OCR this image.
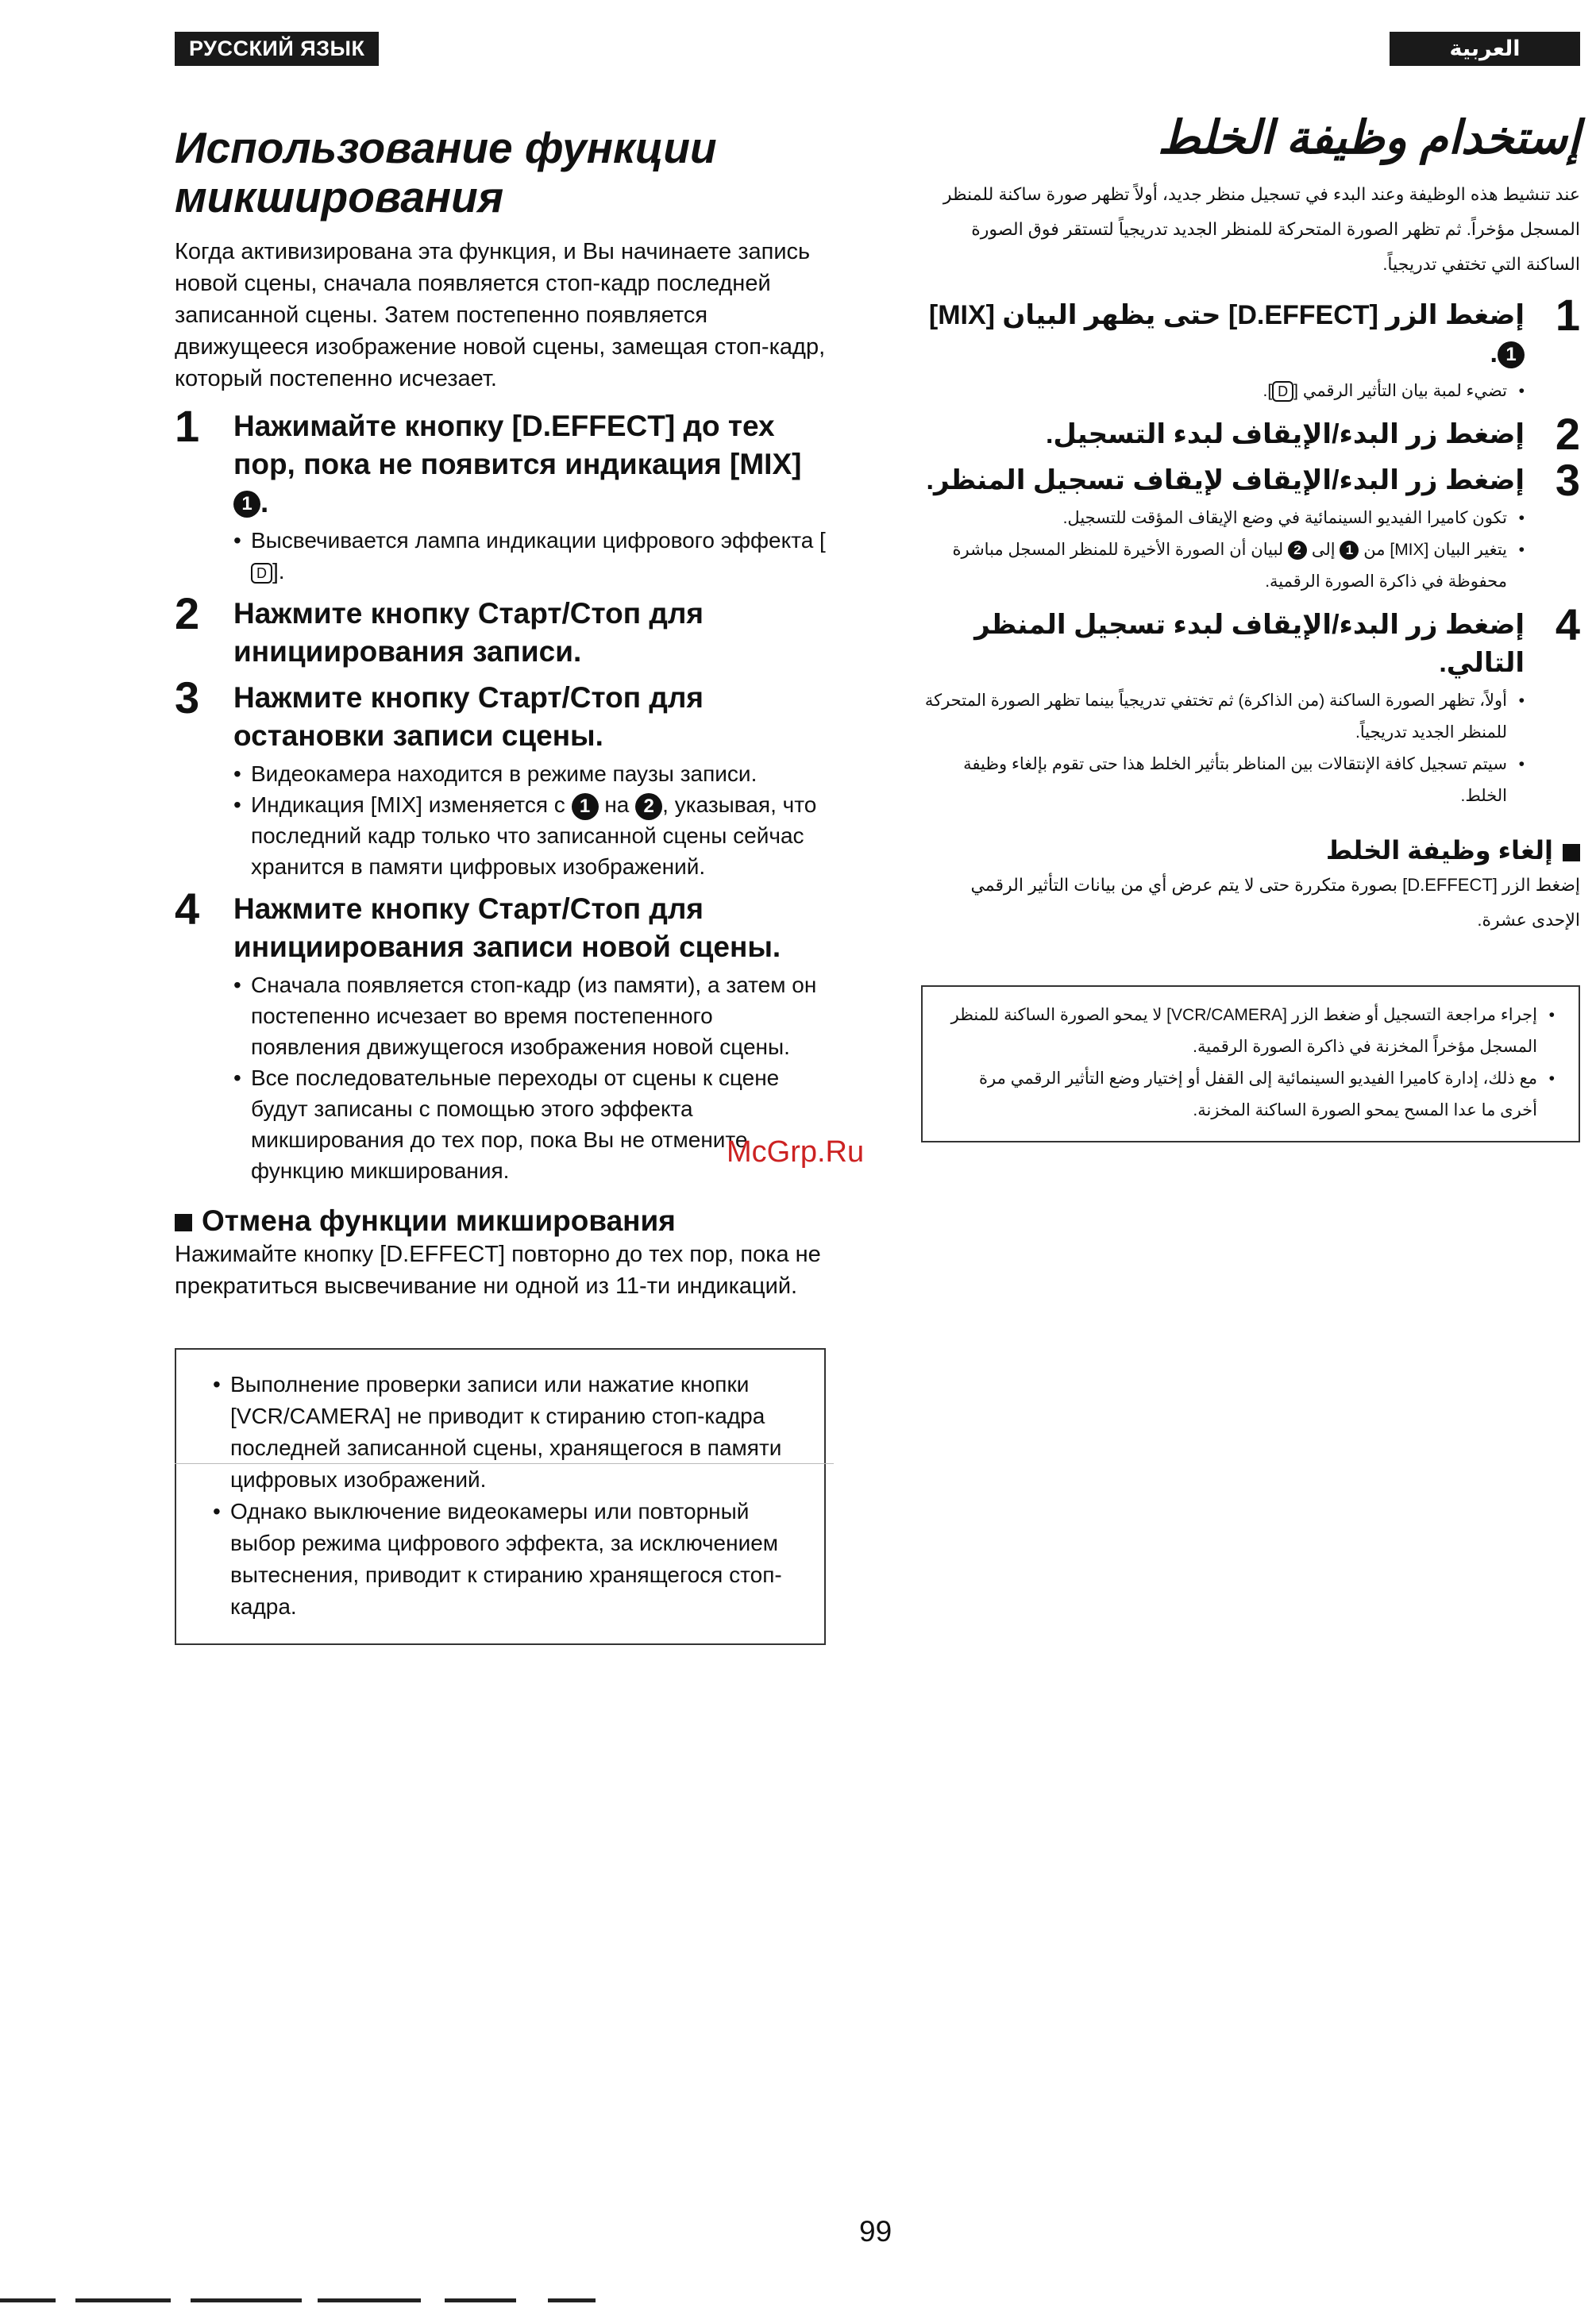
РУССКИЙ ЯЗЫК
Использование функции
микширования

Когда активизирована эта функция, и Вы начинаете запись новой сцены, сначала появляется стоп-кадр последней записанной сцены. Затем постепенно появляется движущееся изображение новой сцены, замещая стоп-кадр, который постепенно исчезает.

1 Нажимайте кнопку [D.EFFECT] до тех пор, пока не появится индикация [MIX] 1 .
• Высвечивается лампа индикации цифрового эффекта [D ].
2 Нажмите кнопку Старт/Стоп для инициирования записи.
3 Нажмите кнопку Старт/Стоп для остановки записи сцены.
• Видеокамера находится в режиме паузы записи.
• Индикация [MIX] изменяется с 1 на 2 , указывая, что последний кадр только что записанной сцены сейчас хранится в памяти цифровых изображений.
4 Нажмите кнопку Старт/Стоп для инициирования записи новой сцены.
• Сначала появляется стоп-кадр (из памяти), а затем он постепенно исчезает во время постепенного появления движущегося изображения новой сцены.
• Все последовательные переходы от сцены к сцене будут записаны с помощью этого эффекта микширования до тех пор, пока Вы не отмените функцию микширования.
Отмена функции микширования
Нажимайте кнопку [D.EFFECT] повторно до тех пор, пока не прекратиться высвечивание ни одной из 11-ти индикаций.
• Выполнение проверки записи или нажатие кнопки [VCR/CAMERA] не приводит к стиранию стоп-кадра последней записанной сцены, хранящегося в памяти цифровых изображений.
• Однако выключение видеокамеры или повторный выбор режима цифрового эффекта, за исключением вытеснения, приводит к стиранию хранящегося стоп-кадра.
العربية
إستخدام وظيفة الخلط

عند تنشيط هذه الوظيفة وعند البدء في تسجيل منظر جديد، أولاً تظهر صورة ساكنة للمنظر المسجل مؤخراً. ثم تظهر الصورة المتحركة للمنظر الجديد تدريجياً لتستقر فوق الصورة الساكنة التي تختفي تدريجياً.

1
إضغط الزر [D.EFFECT] حتى يظهر البيان [MIX] 1.
• تضيء لمبة بيان التأثير الرقمي [D].
2
إضغط زر البدء/الإيقاف لبدء التسجيل.
3
إضغط زر البدء/الإيقاف لإيقاف تسجيل المنظر.
• تكون كاميرا الفيديو السينمائية في وضع الإيقاف المؤقت للتسجيل.
• يتغير البيان [MIX] من 1 إلى 2 لبيان أن الصورة الأخيرة للمنظر المسجل مباشرة محفوظة في ذاكرة الصورة الرقمية.
4
إضغط زر البدء/الإيقاف لبدء تسجيل المنظر التالي.
• أولاً، تظهر الصورة الساكنة (من الذاكرة) ثم تختفي تدريجياً بينما تظهر الصورة المتحركة للمنظر الجديد تدريجياً.
• سيتم تسجيل كافة الإنتقالات بين المناظر بتأثير الخلط هذا حتى تقوم بإلغاء وظيفة الخلط.
إلغاء وظيفة الخلط
إضغط الزر [D.EFFECT] بصورة متكررة حتى لا يتم عرض أي من بيانات التأثير الرقمي الإحدى عشرة.
• إجراء مراجعة التسجيل أو ضغط الزر [VCR/CAMERA] لا يمحو الصورة الساكنة للمنظر المسجل مؤخراً المخزنة في ذاكرة الصورة الرقمية.
• مع ذلك، إدارة كاميرا الفيديو السينمائية إلى القفل أو إختيار وضع التأثير الرقمي مرة أخرى ما عدا المسح يمحو الصورة الساكنة المخزنة.
McGrp.Ru
99
